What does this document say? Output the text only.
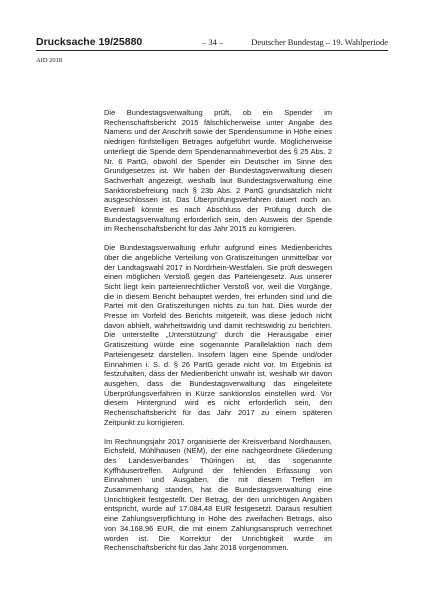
Drucksache 19/25880	– 34 –	Deutscher Bundestag – 19. Wahlperiode
AfD 2018

Die Bundestagsverwaltung prüft, ob ein Spender im Rechenschaftsbericht 2015 fälschlicherweise unter Angabe des Namens und der Anschrift sowie der Spendensumme in Höhe eines niedrigen fünfstelligen Betrages aufgeführt wurde. Möglicherweise unterliegt die Spende dem Spendenannahmeverbot des § 25 Abs. 2 Nr. 6 PartG, obwohl der Spender ein Deutscher im Sinne des Grundgesetzes ist. Wir haben der Bundestagsverwaltung diesen Sachverhalt angezeigt, weshalb laut Bundestagsverwaltung eine Sanktionsbefreiung nach § 23b Abs. 2 PartG grundsätzlich nicht ausgeschlossen ist. Das Überprüfungsverfahren dauert noch an. Eventuell könnte es nach Abschluss der Prüfung durch die Bundestagsverwaltung erforderlich sein, den Ausweis der Spende im Rechenschaftsbericht für das Jahr 2015 zu korrigieren.

Die Bundestagsverwaltung erfuhr aufgrund eines Medienberichts über die angebliche Verteilung von Gratiszeitungen unmittelbar vor der Landtagswahl 2017 in Nordrhein-Westfalen. Sie prüft deswegen einen möglichen Verstoß gegen das Parteiengesetz. Aus unserer Sicht liegt kein parteienrechtlicher Verstoß vor, weil die Vorgänge, die in diesem Bericht behauptet werden, frei erfunden sind und die Partei mit den Gratiszeitungen nichts zu tun hat. Dies wurde der Presse im Vorfeld des Berichts mitgeteilt, was diese jedoch nicht davon abhielt, wahrheitswidrig und damit rechtswidrig zu berichten. Die unterstellte „Unterstützung“ durch die Herausgabe einer Gratiszeitung würde eine sogenannte Parallelaktion nach dem Parteiengesetz darstellen. Insofern lägen eine Spende und/oder Einnahmen i. S. d. § 26 PartG gerade nicht vor. Im Ergebnis ist festzuhalten, dass der Medienbericht unwahr ist, weshalb wir davon ausgehen, dass die Bundestagsverwaltung das eingeleitete Überprüfungsverfahren in Kürze sanktionslos einstellen wird. Vor diesem Hintergrund wird es nicht erforderlich sein, den Rechenschaftsbericht für das Jahr 2017 zu einem späteren Zeitpunkt zu korrigieren.

Im Rechnungsjahr 2017 organisierte der Kreisverband Nordhausen, Eichsfeld, Mühlhausen (NEM), der eine nachgeordnete Gliederung des Landesverbandes Thüringen ist, das sogenannte Kyffhäusertreffen. Aufgrund der fehlenden Erfassung von Einnahmen und Ausgaben, die mit diesem Treffen im Zusammenhang standen, hat die Bundestagsverwaltung eine Unrichtigkeit festgestellt. Der Betrag, der den unrichtigen Angaben entspricht, wurde auf 17.084,48 EUR festgesetzt. Daraus resultiert eine Zahlungsverpflichtung in Höhe des zweifachen Betrags, also von 34.168,96 EUR, die mit einem Zahlungsanspruch verrechnet worden ist. Die Korrektur der Unrichtigkeit wurde im Rechenschaftsbericht für das Jahr 2018 vorgenommen.
